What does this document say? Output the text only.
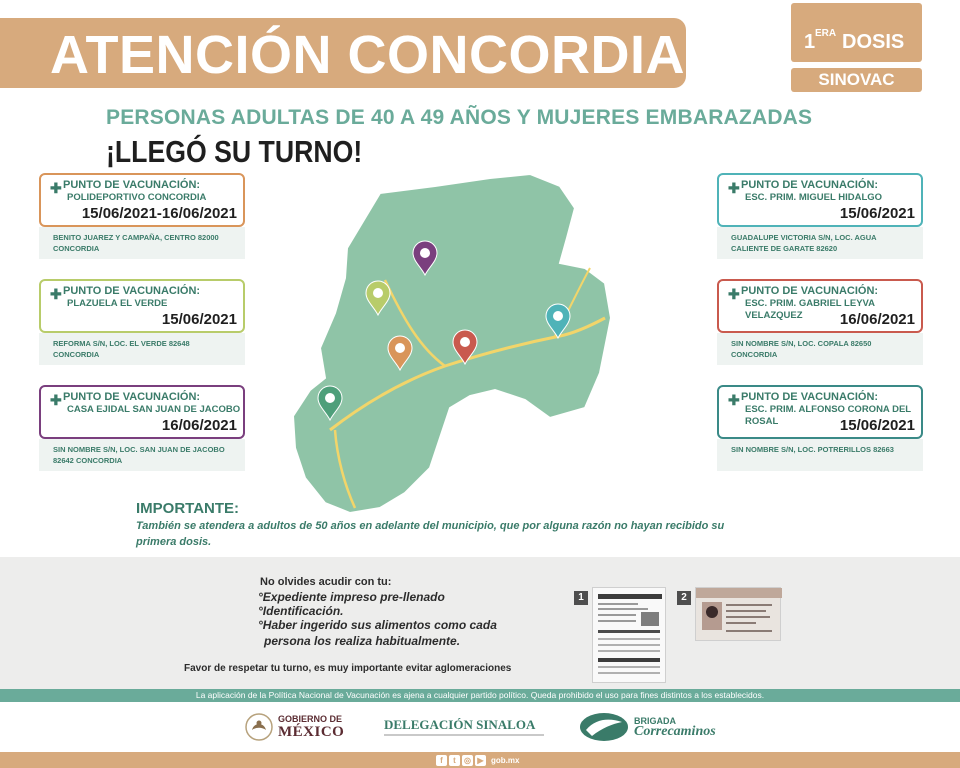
ATENCIÓN CONCORDIA	1 ERA DOSIS
SINOVAC
PERSONAS ADULTAS DE 40 A 49 AÑOS Y MUJERES EMBARAZADAS
¡LLEGÓ SU TURNO!
✚ PUNTO DE VACUNACIÓN:
POLIDEPORTIVO CONCORDIA
15/06/2021-16/06/2021
BENITO JUAREZ Y CAMPAÑA, CENTRO 82000 CONCORDIA
✚ PUNTO DE VACUNACIÓN:
PLAZUELA EL VERDE
15/06/2021
REFORMA S/N, LOC. EL VERDE 82648 CONCORDIA
✚ PUNTO DE VACUNACIÓN:
CASA EJIDAL SAN JUAN DE JACOBO
16/06/2021
SIN NOMBRE S/N, LOC. SAN JUAN DE JACOBO 82642 CONCORDIA
✚ PUNTO DE VACUNACIÓN:
ESC. PRIM. MIGUEL HIDALGO
15/06/2021
GUADALUPE VICTORIA S/N, LOC. AGUA CALIENTE DE GARATE 82620
✚ PUNTO DE VACUNACIÓN:
ESC. PRIM. GABRIEL LEYVA VELAZQUEZ	16/06/2021
SIN NOMBRE S/N, LOC. COPALA 82650 CONCORDIA
✚ PUNTO DE VACUNACIÓN:
ESC. PRIM. ALFONSO CORONA DEL ROSAL	15/06/2021
SIN NOMBRE S/N, LOC. POTRERILLOS 82663
IMPORTANTE:
También se atendera a adultos de 50 años en adelante del municipio, que por alguna razón no hayan recibido su primera dosis.
No olvides acudir con tu:
°Expediente impreso pre-llenado
°Identificación.
°Haber ingerido sus alimentos como cada
persona los realiza habitualmente.
Favor de respetar tu turno, es muy importante evitar aglomeraciones
1	2
La aplicación de la Política Nacional de Vacunación es ajena a cualquier partido político. Queda prohibido el uso para fines distintos a los establecidos.
GOBIERNO DE
MÉXICO	DELEGACIÓN SINALOA	BRIGADA
Correcaminos
f	t	◎ ▶ gob.mx
